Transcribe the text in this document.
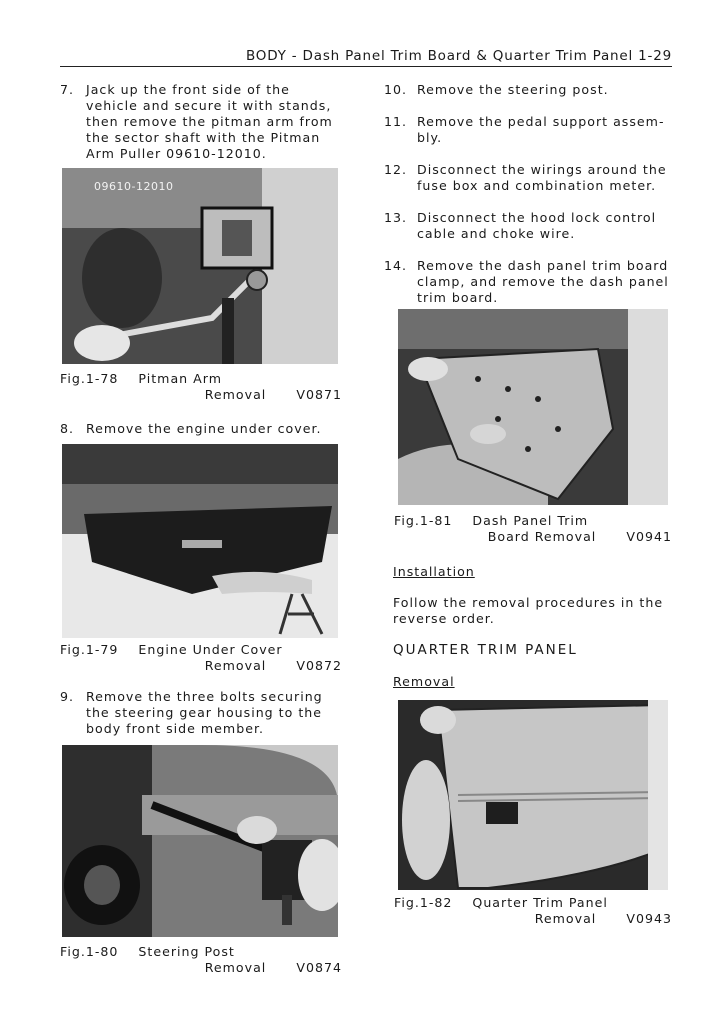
BODY - Dash Panel Trim Board & Quarter Trim Panel 1-29
7. Jack up the front side of the
vehicle and secure it with stands,
then remove the pitman arm from
the sector shaft with the Pitman
Arm Puller 09610-12010.
09610-12010
Fig.1-78    Pitman Arm
Removal      V0871
8. Remove the engine under cover.
Fig.1-79    Engine Under Cover
Removal      V0872
9. Remove the three bolts securing
the steering gear housing to the
body front side member.
Fig.1-80    Steering Post
Removal      V0874
10. Remove the steering post.
11. Remove the pedal support assem-
bly.
12. Disconnect the wirings around the
fuse box and combination meter.
13. Disconnect the hood lock control
cable and choke wire.
14. Remove the dash panel trim board
clamp, and remove the dash panel
trim board.
Fig.1-81    Dash Panel Trim
Board Removal      V0941
Installation
Follow the removal procedures in the
reverse order.
QUARTER TRIM PANEL
Removal
Fig.1-82    Quarter Trim Panel
Removal      V0943
